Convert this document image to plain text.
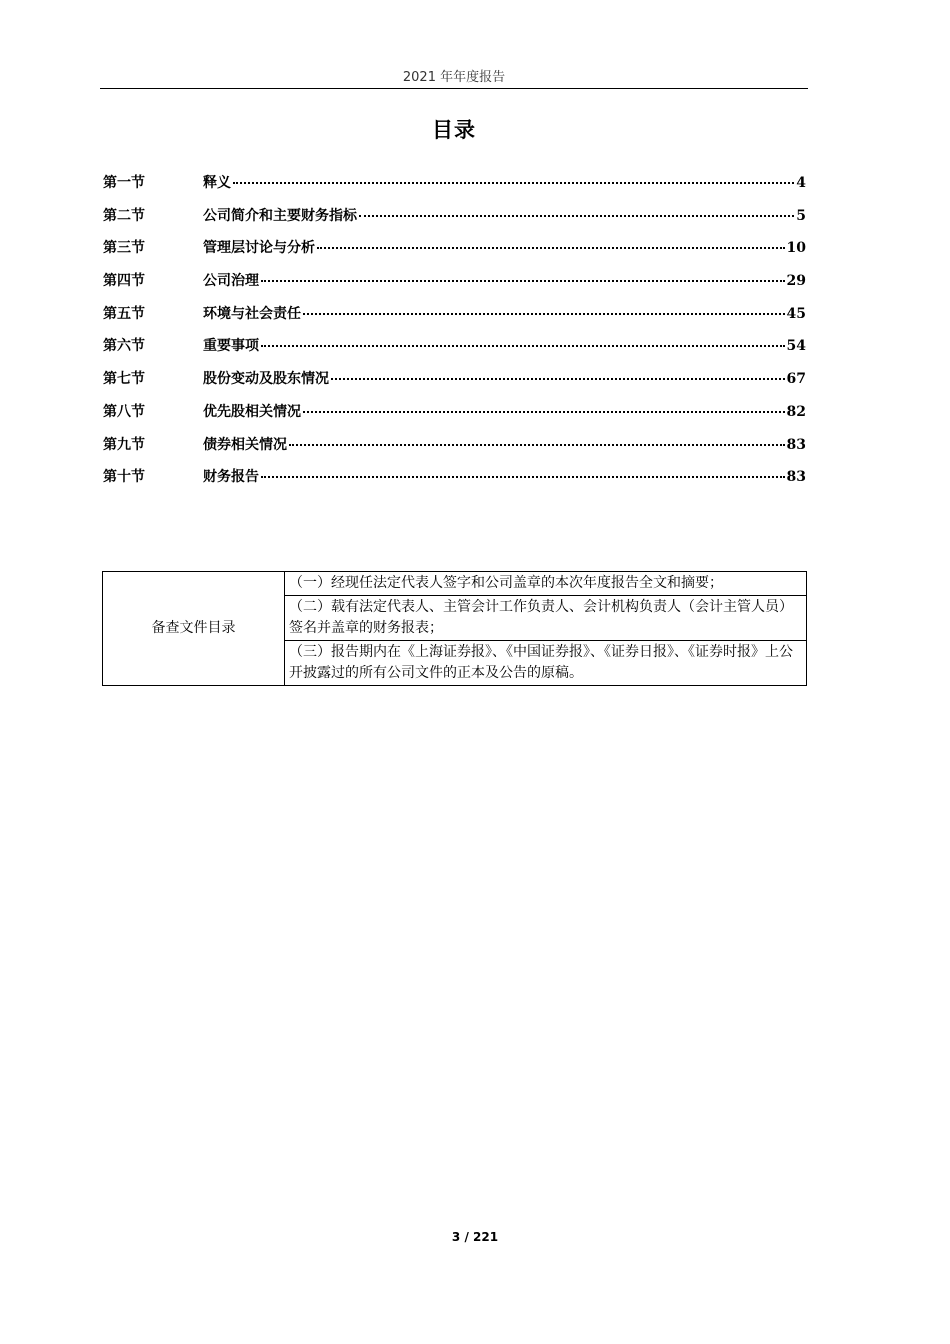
2021 年年度报告
目录
第一节	释义	4
第二节	公司简介和主要财务指标	5
第三节	管理层讨论与分析	10
第四节	公司治理	29
第五节	环境与社会责任	45
第六节	重要事项	54
第七节	股份变动及股东情况	67
第八节	优先股相关情况	82
第九节	债券相关情况	83
第十节	财务报告	83
备查文件目录	（一）经现任法定代表人签字和公司盖章的本次年度报告全文和摘要；
（二）载有法定代表人、主管会计工作负责人、会计机构负责人（会计主管人员）签名并盖章的财务报表；
（三）报告期内在《上海证券报》、《中国证券报》、《证券日报》、《证券时报》上公开披露过的所有公司文件的正本及公告的原稿。
3 / 221
